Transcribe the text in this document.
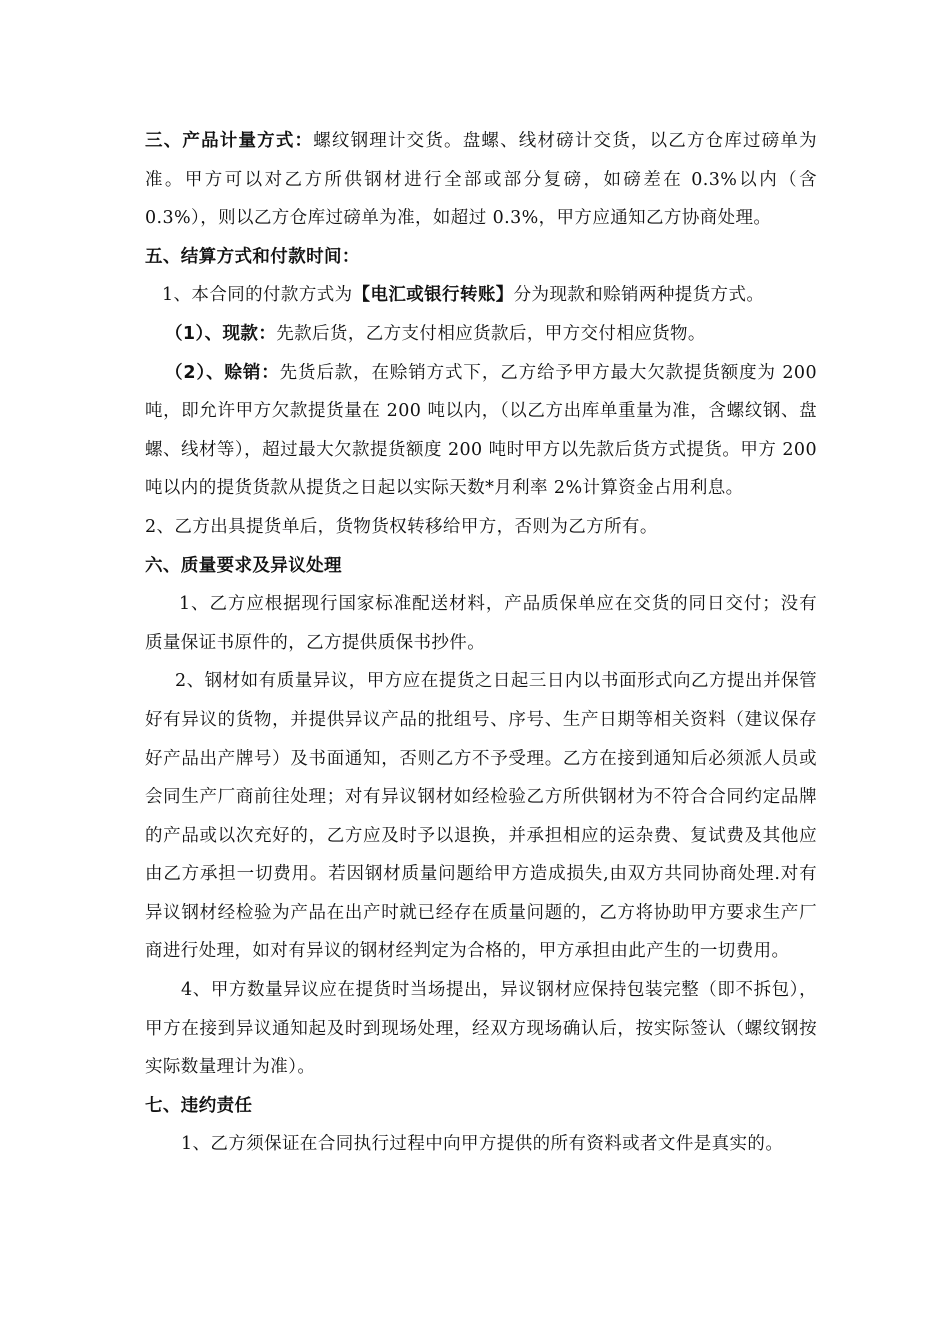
三、产品计量方式：螺纹钢理计交货。盘螺、线材磅计交货，以乙方仓库过磅单为准。甲方可以对乙方所供钢材进行全部或部分复磅，如磅差在 0.3%以内（含 0.3%），则以乙方仓库过磅单为准，如超过 0.3%，甲方应通知乙方协商处理。

五、结算方式和付款时间：

1、本合同的付款方式为【电汇或银行转账】分为现款和赊销两种提货方式。

（1）、现款：先款后货，乙方支付相应货款后，甲方交付相应货物。

（2）、赊销：先货后款，在赊销方式下，乙方给予甲方最大欠款提货额度为 200 吨，即允许甲方欠款提货量在 200 吨以内，（以乙方出库单重量为准，含螺纹钢、盘螺、线材等），超过最大欠款提货额度 200 吨时甲方以先款后货方式提货。甲方 200 吨以内的提货货款从提货之日起以实际天数*月利率 2%计算资金占用利息。

2、乙方出具提货单后，货物货权转移给甲方，否则为乙方所有。

六、质量要求及异议处理

1、乙方应根据现行国家标准配送材料，产品质保单应在交货的同日交付；没有质量保证书原件的，乙方提供质保书抄件。

2、钢材如有质量异议，甲方应在提货之日起三日内以书面形式向乙方提出并保管好有异议的货物，并提供异议产品的批组号、序号、生产日期等相关资料（建议保存好产品出产牌号）及书面通知，否则乙方不予受理。乙方在接到通知后必须派人员或会同生产厂商前往处理；对有异议钢材如经检验乙方所供钢材为不符合合同约定品牌的产品或以次充好的，乙方应及时予以退换，并承担相应的运杂费、复试费及其他应由乙方承担一切费用。若因钢材质量问题给甲方造成损失,由双方共同协商处理.对有异议钢材经检验为产品在出产时就已经存在质量问题的，乙方将协助甲方要求生产厂商进行处理，如对有异议的钢材经判定为合格的，甲方承担由此产生的一切费用。

4、甲方数量异议应在提货时当场提出，异议钢材应保持包装完整（即不拆包），甲方在接到异议通知起及时到现场处理，经双方现场确认后，按实际签认（螺纹钢按实际数量理计为准）。

七、违约责任

1、乙方须保证在合同执行过程中向甲方提供的所有资料或者文件是真实的。
